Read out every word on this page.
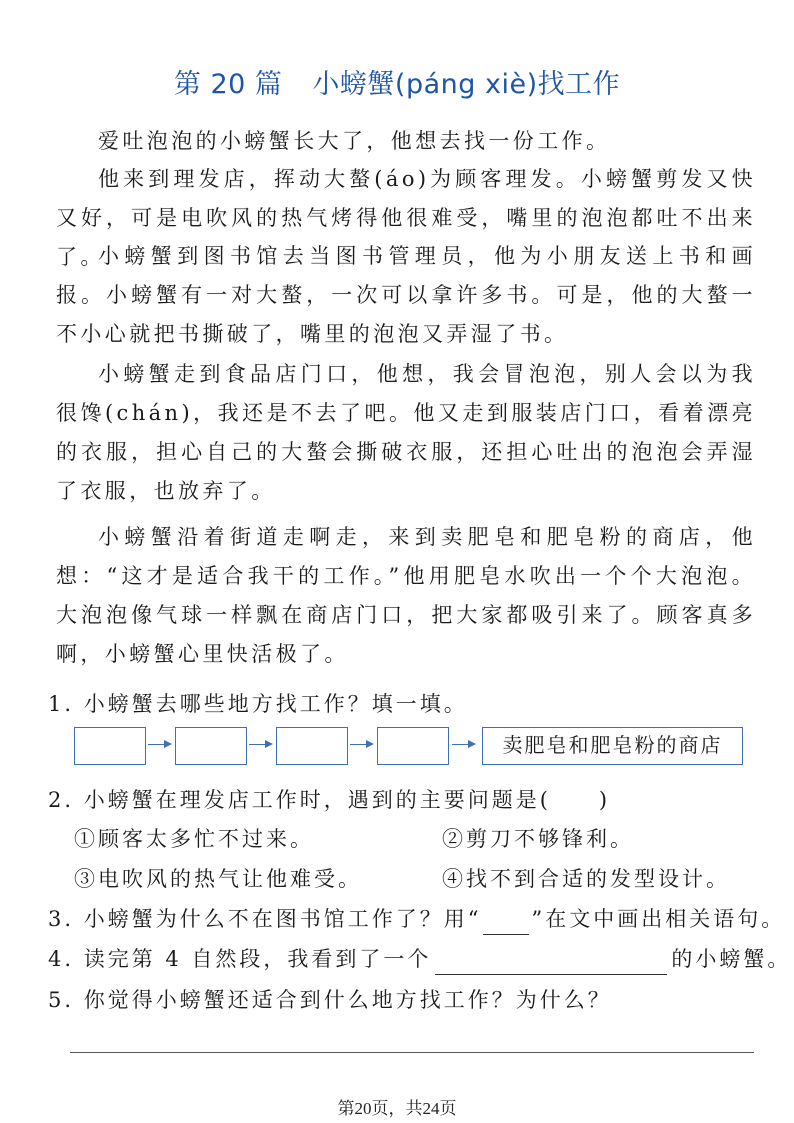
第 20 篇 小螃蟹(páng xiè)找工作

爱吐泡泡的小螃蟹长大了，他想去找一份工作。

他来到理发店，挥动大螯(áo)为顾客理发。小螃蟹剪发又快又好，可是电吹风的热气烤得他很难受，嘴里的泡泡都吐不出来了。

小螃蟹到图书馆去当图书管理员，他为小朋友送上书和画报。小螃蟹有一对大螯，一次可以拿许多书。可是，他的大螯一不小心就把书撕破了，嘴里的泡泡又弄湿了书。

小螃蟹走到食品店门口，他想，我会冒泡泡，别人会以为我很馋(chán)，我还是不去了吧。他又走到服装店门口，看着漂亮的衣服，担心自己的大螯会撕破衣服，还担心吐出的泡泡会弄湿了衣服，也放弃了。

小螃蟹沿着街道走啊走，来到卖肥皂和肥皂粉的商店，他想：“这才是适合我干的工作。”他用肥皂水吹出一个个大泡泡。大泡泡像气球一样飘在商店门口，把大家都吸引来了。顾客真多啊，小螃蟹心里快活极了。

1. 小螃蟹去哪些地方找工作？填一填。

卖肥皂和肥皂粉的商店

2. 小螃蟹在理发店工作时，遇到的主要问题是(　　)

①顾客太多忙不过来。	②剪刀不够锋利。
③电吹风的热气让他难受。	④找不到合适的发型设计。

3. 小螃蟹为什么不在图书馆工作了？用“ ”在文中画出相关语句。

4. 读完第 4 自然段，我看到了一个	的小螃蟹。

5. 你觉得小螃蟹还适合到什么地方找工作？为什么？

第20页，共24页
